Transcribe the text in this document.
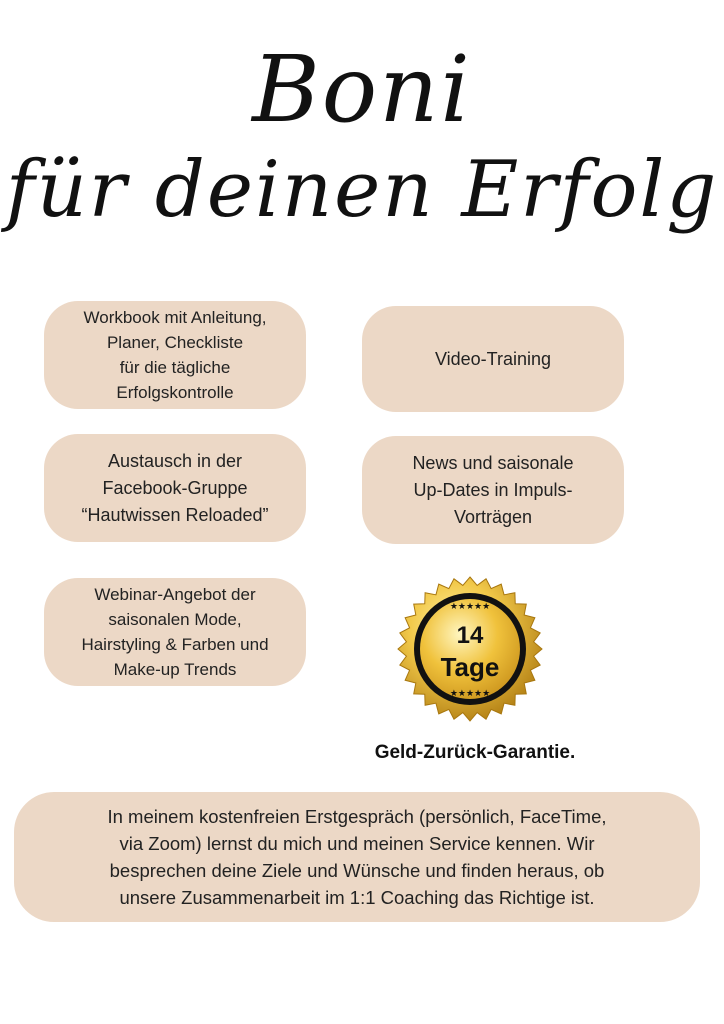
Boni
für deinen Erfolg
Workbook mit Anleitung,
Planer, Checkliste
für die tägliche
Erfolgskontrolle
Video-Training
Austausch in der
Facebook-Gruppe
“Hautwissen Reloaded”
News und saisonale
Up-Dates in Impuls-
Vorträgen
Webinar-Angebot der
saisonalen Mode,
Hairstyling & Farben und
Make-up Trends
★★★★★
★★★★★
14
Tage
Geld-Zurück-Garantie.
In meinem kostenfreien Erstgespräch (persönlich, FaceTime,
via Zoom) lernst du mich und meinen Service kennen. Wir
besprechen deine Ziele und Wünsche und finden heraus, ob
unsere Zusammenarbeit im 1:1 Coaching das Richtige ist.
